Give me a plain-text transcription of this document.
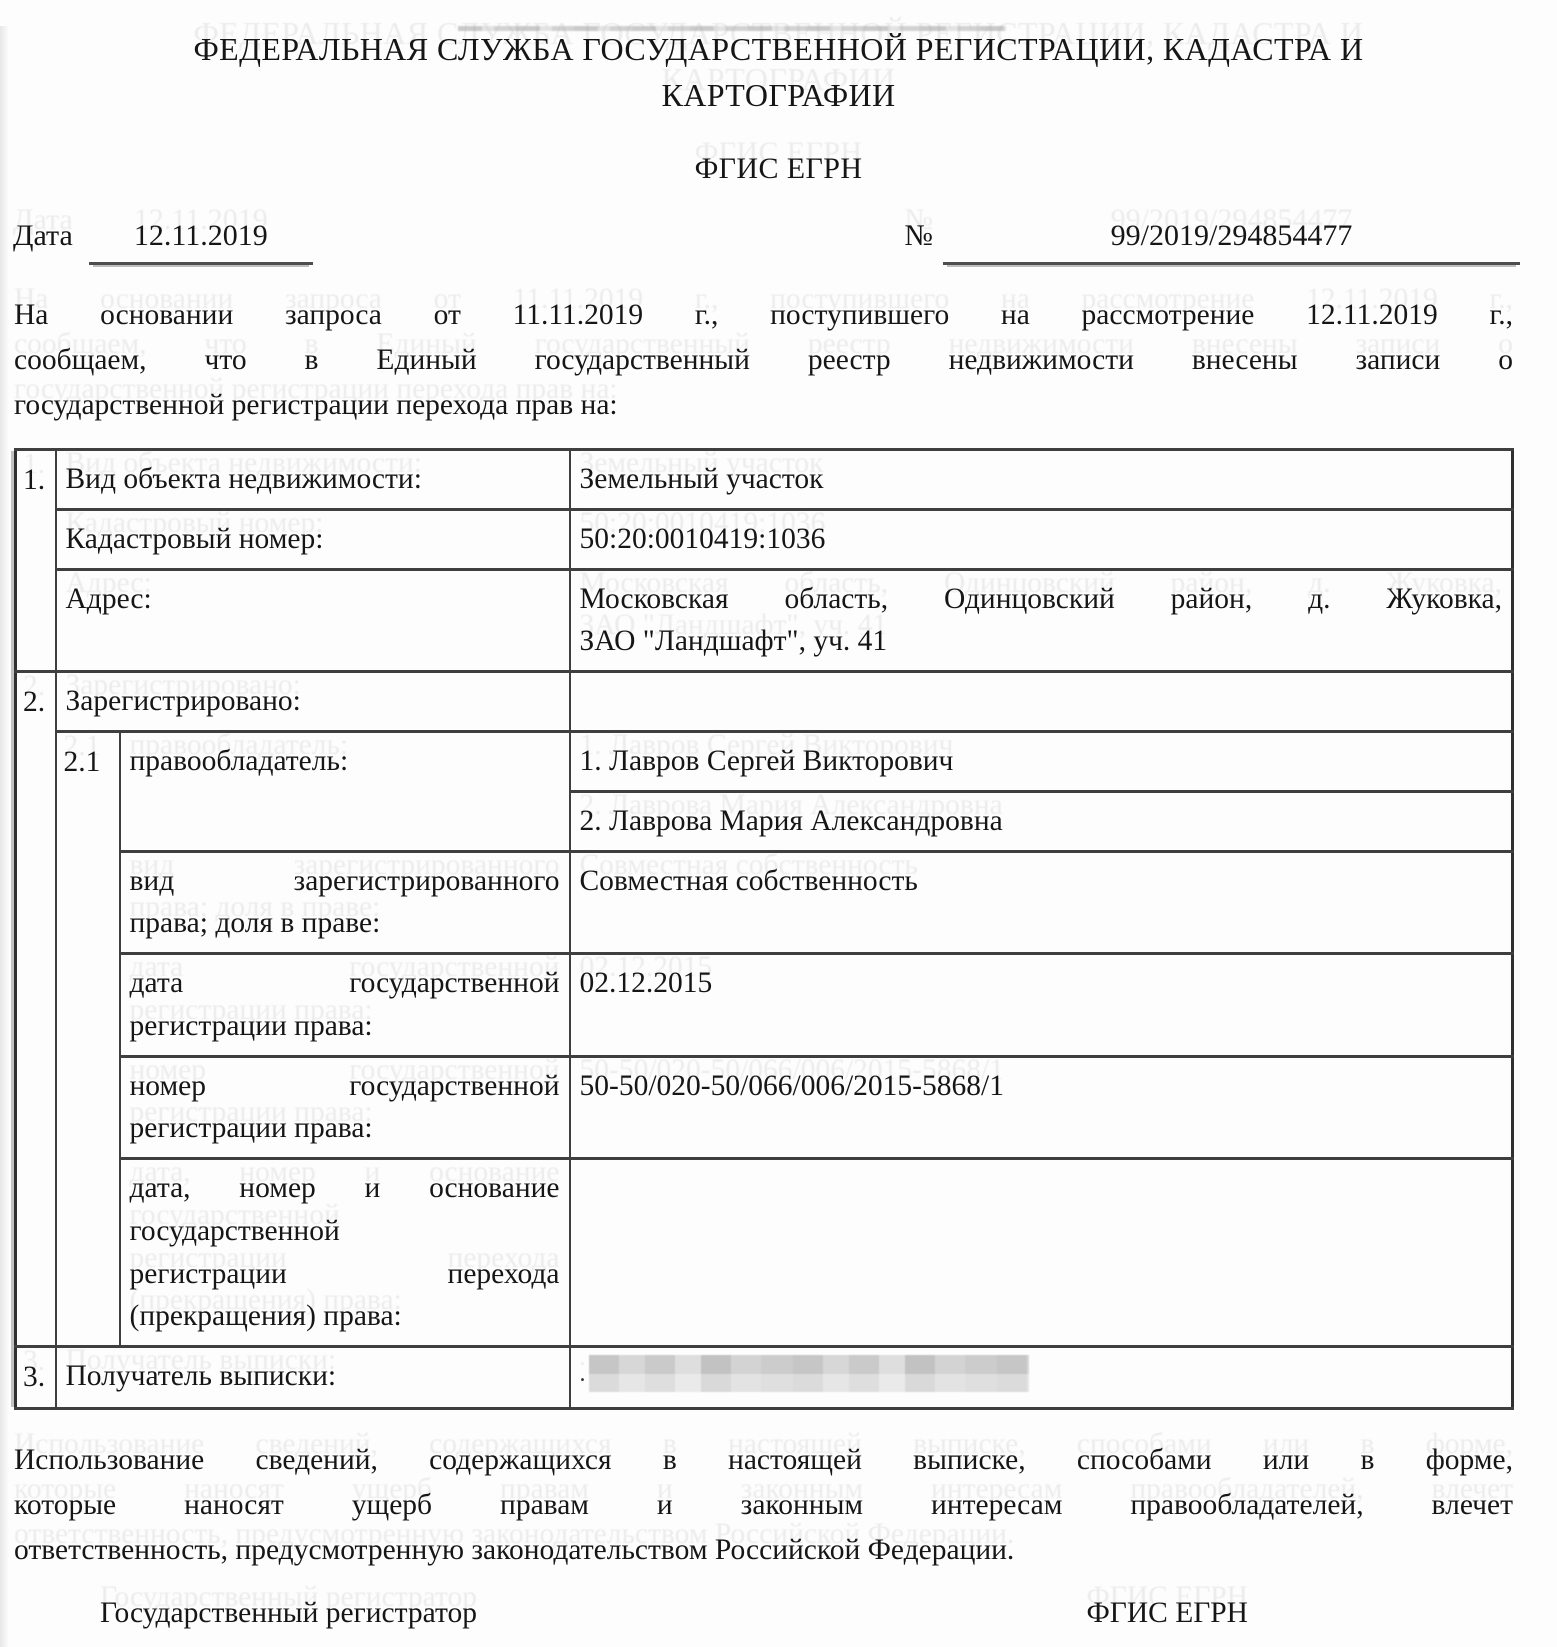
ФЕДЕРАЛЬНАЯ СЛУЖБА ГОСУДАРСТВЕННОЙ РЕГИСТРАЦИИ, КАДАСТРА И КАРТОГРАФИИ
ФГИС ЕГРН
Дата	12.11.2019	№	99/2019/294854477
На основании запроса от 11.11.2019 г., поступившего на рассмотрение 12.11.2019 г.,
сообщаем, что в Единый государственный реестр недвижимости внесены записи о
государственной регистрации перехода прав на:
1.	Вид объекта недвижимости:		Земельный участок
	Кадастровый номер:		50:20:0010419:1036
	Адрес:		Московская область, Одинцовский район, д. Жуковка,
ЗАО "Ландшафт", уч. 41

2.	Зарегистрировано:		
	2.1	правообладатель:	1. Лавров Сергей Викторович
			2. Лаврова Мария Александровна

		вид зарегистрированного
права; доля в праве:	Совместная собственность

		дата государственной
регистрации права:	02.12.2015

		номер государственной
регистрации права:	50-50/020-50/066/006/2015-5868/1

		дата, номер и основание
государственной
регистрации перехода
(прекращения) права:	

3.	Получатель выписки:		.
Использование сведений, содержащихся в настоящей выписке, способами или в форме,
которые наносят ущерб правам и законным интересам правообладателей, влечет
ответственность, предусмотренную законодательством Российской Федерации.
Государственный регистратор	ФГИС ЕГРН
